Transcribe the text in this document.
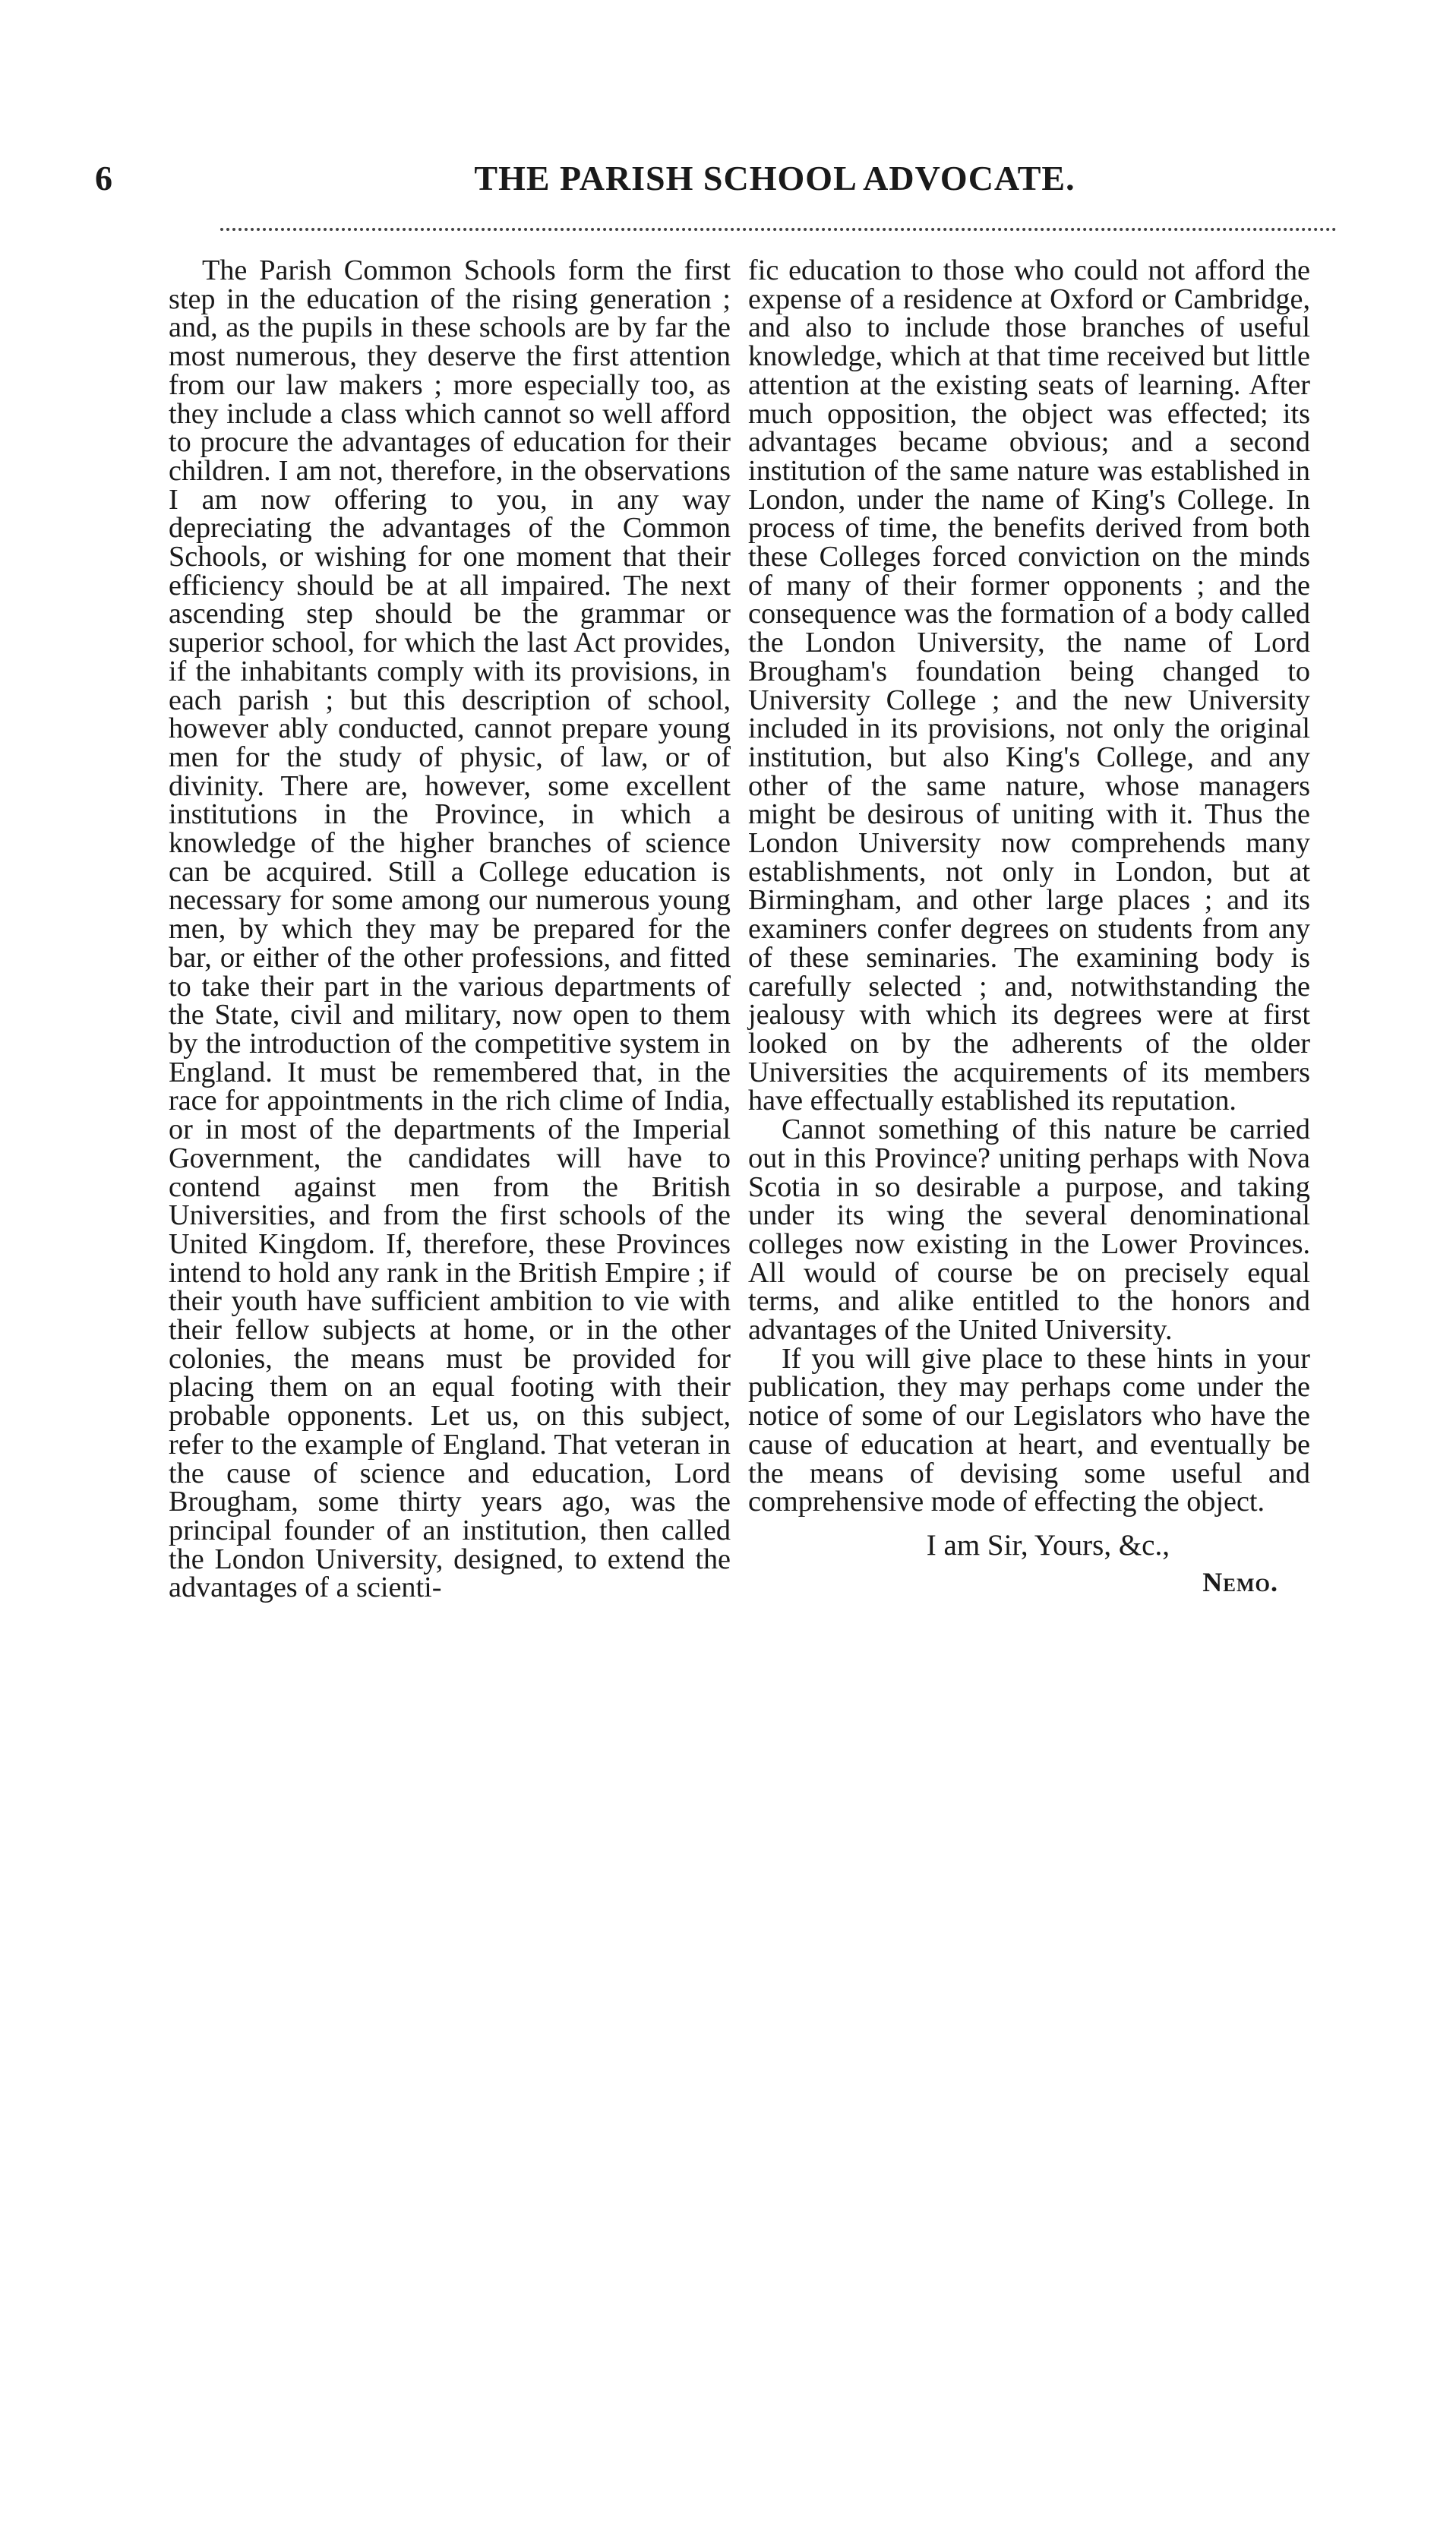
6	THE PARISH SCHOOL ADVOCATE.

The Parish Common Schools form the first step in the education of the rising generation ; and, as the pupils in these schools are by far the most numerous, they deserve the first attention from our law makers ; more especially too, as they include a class which cannot so well afford to procure the advantages of education for their children. I am not, therefore, in the observations I am now offering to you, in any way depreciating the advantages of the Common Schools, or wishing for one moment that their efficiency should be at all impaired. The next ascending step should be the grammar or superior school, for which the last Act provides, if the inhabitants comply with its provisions, in each parish ; but this description of school, however ably conducted, cannot prepare young men for the study of physic, of law, or of divinity. There are, however, some excellent institutions in the Province, in which a knowledge of the higher branches of science can be acquired. Still a College education is necessary for some among our numerous young men, by which they may be prepared for the bar, or either of the other professions, and fitted to take their part in the various departments of the State, civil and military, now open to them by the introduction of the competitive system in England. It must be remembered that, in the race for appointments in the rich clime of India, or in most of the departments of the Imperial Government, the candidates will have to contend against men from the British Universities, and from the first schools of the United Kingdom. If, therefore, these Provinces intend to hold any rank in the British Empire ; if their youth have sufficient ambition to vie with their fellow subjects at home, or in the other colonies, the means must be provided for placing them on an equal footing with their probable opponents. Let us, on this subject, refer to the example of England. That veteran in the cause of science and education, Lord Brougham, some thirty years ago, was the principal founder of an institution, then called the London University, designed, to extend the advantages of a scienti-

fic education to those who could not afford the expense of a residence at Oxford or Cambridge, and also to include those branches of useful knowledge, which at that time received but little attention at the existing seats of learning. After much opposition, the object was effected; its advantages became obvious; and a second institution of the same nature was established in London, under the name of King's College. In process of time, the benefits derived from both these Colleges forced conviction on the minds of many of their former opponents ; and the consequence was the formation of a body called the London University, the name of Lord Brougham's foundation being changed to University College ; and the new University included in its provisions, not only the original institution, but also King's College, and any other of the same nature, whose managers might be desirous of uniting with it. Thus the London University now comprehends many establishments, not only in London, but at Birmingham, and other large places ; and its examiners confer degrees on students from any of these seminaries. The examining body is carefully selected ; and, notwithstanding the jealousy with which its degrees were at first looked on by the adherents of the older Universities the acquirements of its members have effectually established its reputation.

Cannot something of this nature be carried out in this Province? uniting perhaps with Nova Scotia in so desirable a purpose, and taking under its wing the several denominational colleges now existing in the Lower Provinces. All would of course be on precisely equal terms, and alike entitled to the honors and advantages of the United University.

If you will give place to these hints in your publication, they may perhaps come under the notice of some of our Legislators who have the cause of education at heart, and eventually be the means of devising some useful and comprehensive mode of effecting the object.

I am Sir, Yours, &c.,

Nemo.
